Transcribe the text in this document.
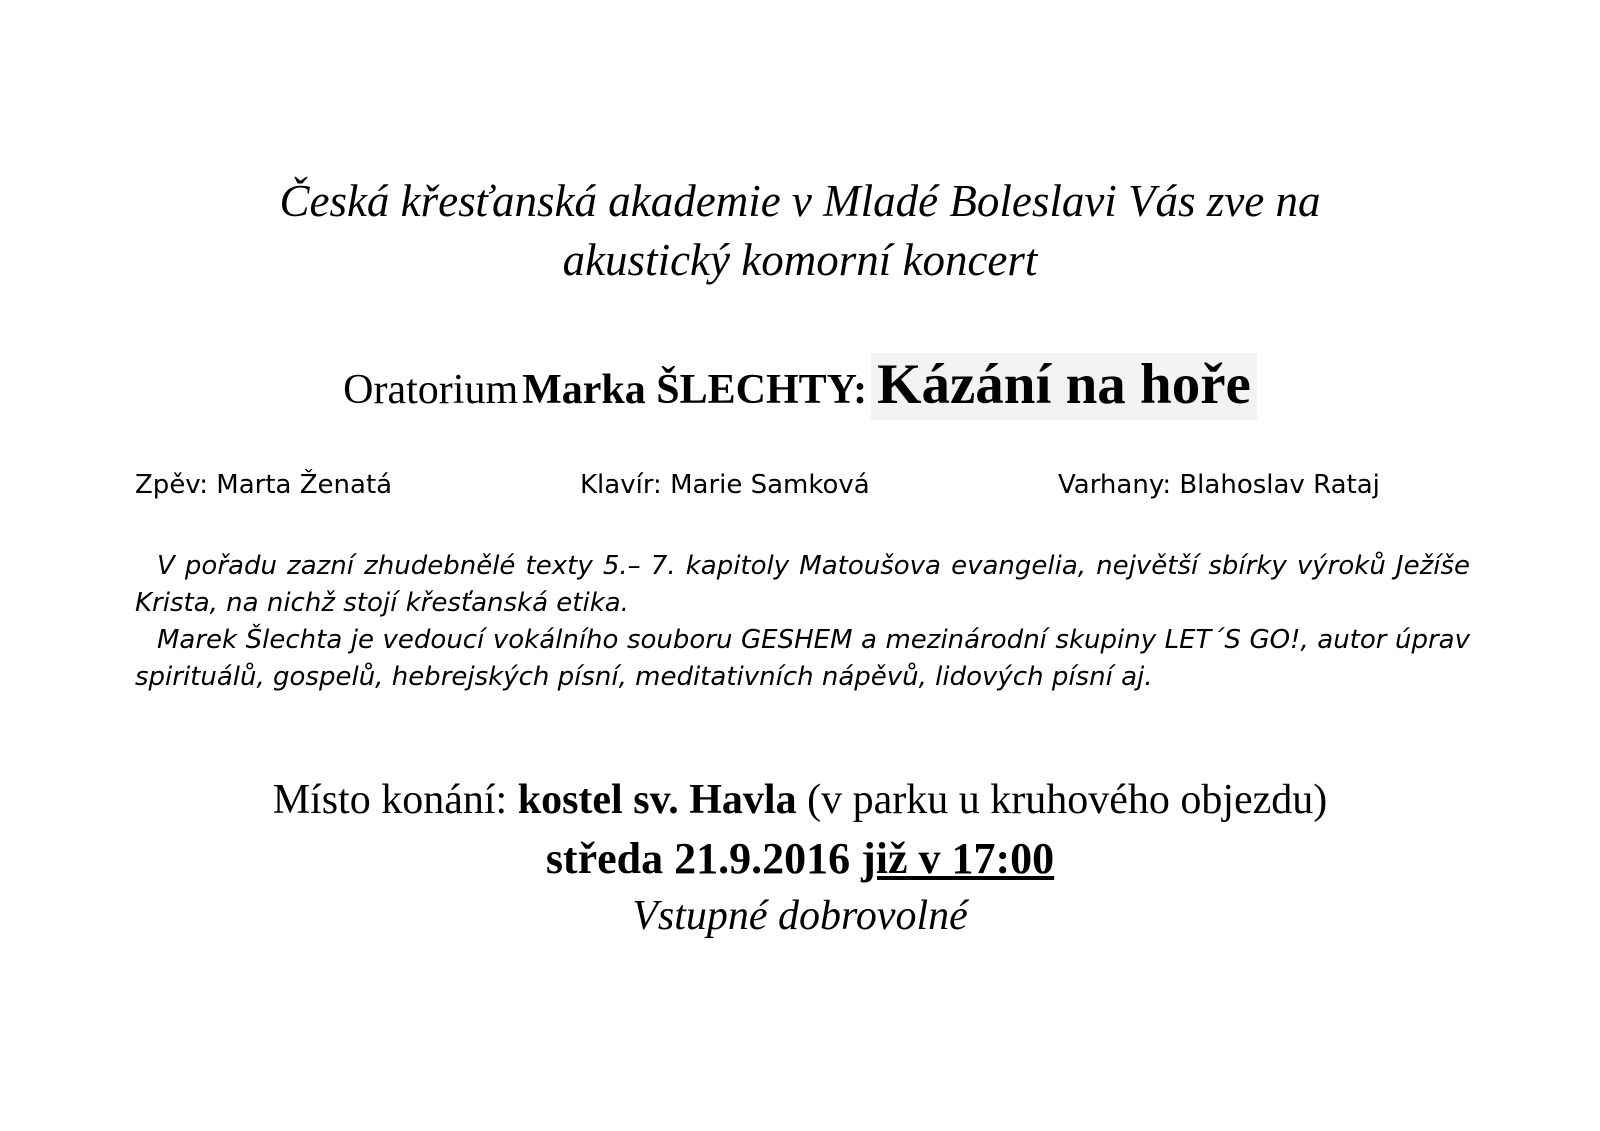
Česká křesťanská akademie v Mladé Boleslavi Vás zve na
akustický komorní koncert
Oratorium Marka ŠLECHTY: Kázání na hoře
Zpěv: Marta Ženatá	Klavír: Marie Samková	Varhany: Blahoslav Rataj

V pořadu zazní zhudebnělé texty 5.– 7. kapitoly Matoušova evangelia, největší sbírky výroků Ježíše Krista, na nichž stojí křesťanská etika.

Marek Šlechta je vedoucí vokálního souboru GESHEM a mezinárodní skupiny LET´S GO!, autor úprav spirituálů, gospelů, hebrejských písní, meditativních nápěvů, lidových písní aj.

Místo konání: kostel sv. Havla (v parku u kruhového objezdu)
středa 21.9.2016 již v 17:00
Vstupné dobrovolné
